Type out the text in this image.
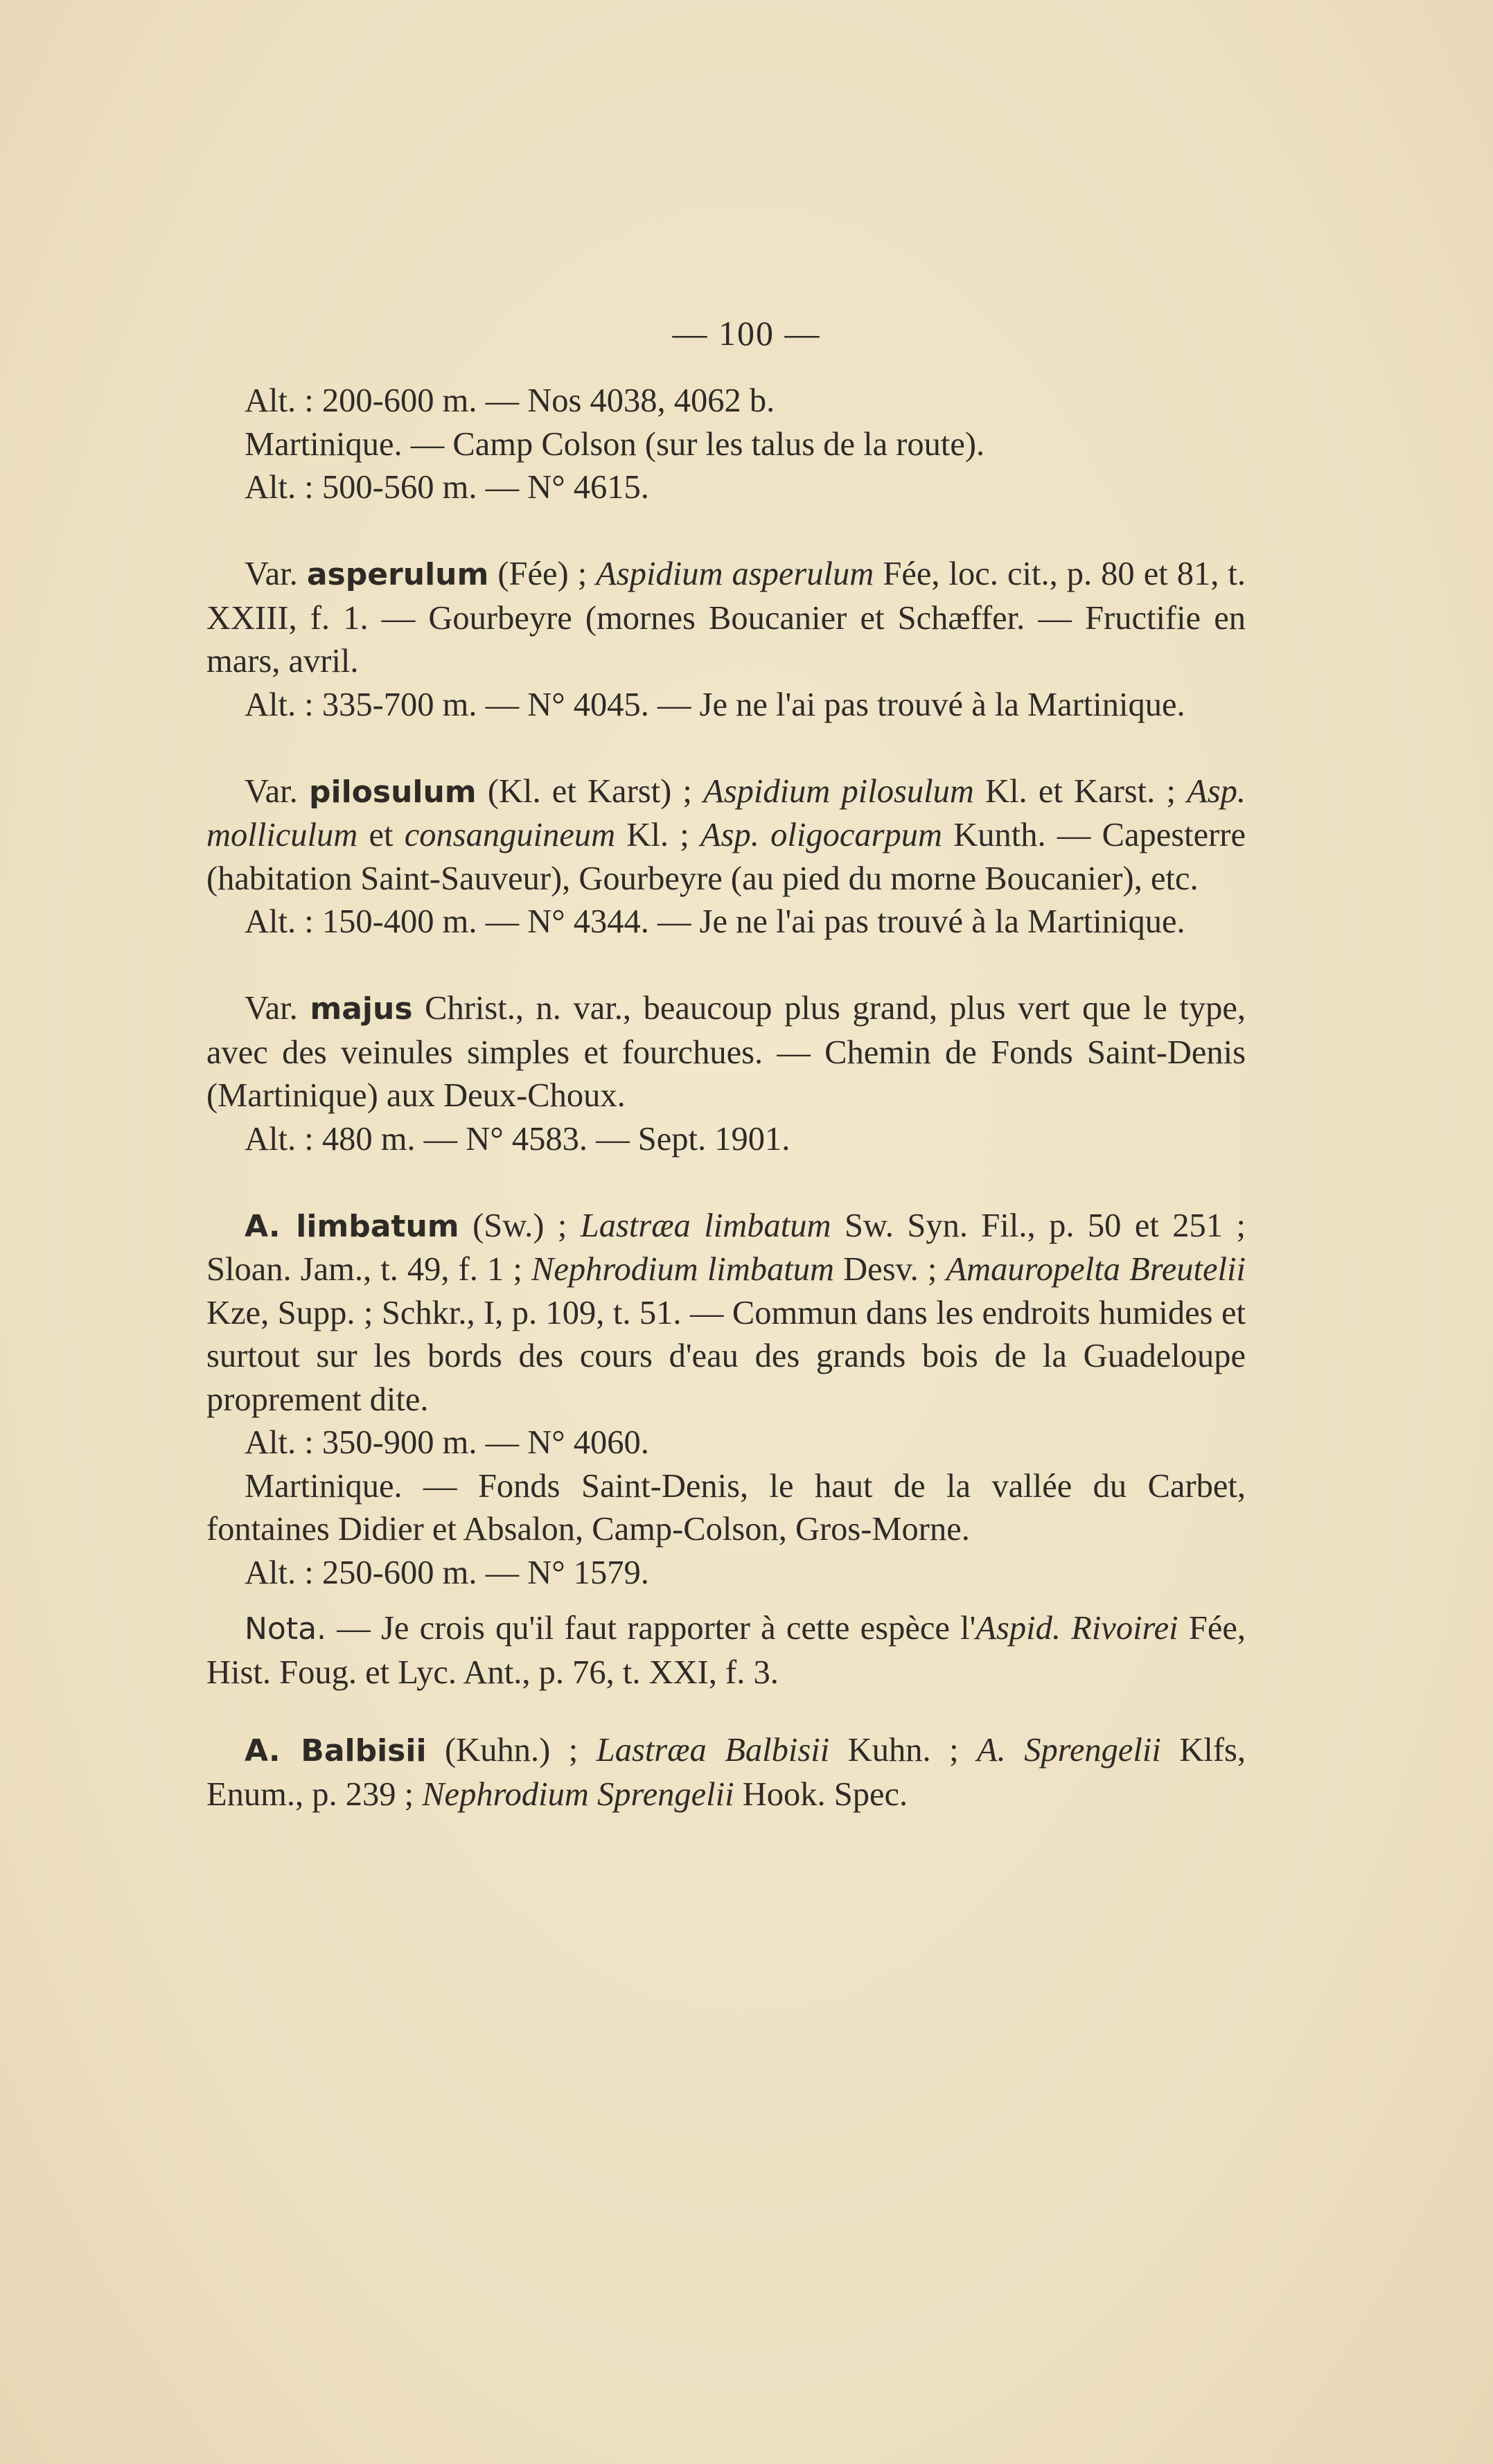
— 100 —
Alt. : 200-600 m. — Nos 4038, 4062 b.
Martinique. — Camp Colson (sur les talus de la route).
Alt. : 500-560 m. — N° 4615.
Var. asperulum (Fée) ; Aspidium asperulum Fée, loc. cit., p. 80 et 81, t. XXIII, f. 1. — Gourbeyre (mornes Boucanier et Schæffer. — Fructifie en mars, avril.
Alt. : 335-700 m. — N° 4045. — Je ne l'ai pas trouvé à la Martinique.
Var. pilosulum (Kl. et Karst) ; Aspidium pilosulum Kl. et Karst. ; Asp. molliculum et consanguineum Kl. ; Asp. oligocarpum Kunth. — Capesterre (habitation Saint-Sauveur), Gourbeyre (au pied du morne Boucanier), etc.
Alt. : 150-400 m. — N° 4344. — Je ne l'ai pas trouvé à la Martinique.
Var. majus Christ., n. var., beaucoup plus grand, plus vert que le type, avec des veinules simples et fourchues. — Chemin de Fonds Saint-Denis (Martinique) aux Deux-Choux.
Alt. : 480 m. — N° 4583. — Sept. 1901.
A. limbatum (Sw.) ; Lastræa limbatum Sw. Syn. Fil., p. 50 et 251 ; Sloan. Jam., t. 49, f. 1 ; Nephrodium limbatum Desv. ; Amauropelta Breutelii Kze, Supp. ; Schkr., I, p. 109, t. 51. — Commun dans les endroits humides et surtout sur les bords des cours d'eau des grands bois de la Guadeloupe proprement dite.
Alt. : 350-900 m. — N° 4060.
Martinique. — Fonds Saint-Denis, le haut de la vallée du Carbet, fontaines Didier et Absalon, Camp-Colson, Gros-Morne.
Alt. : 250-600 m. — N° 1579.
Nota. — Je crois qu'il faut rapporter à cette espèce l'Aspid. Rivoirei Fée, Hist. Foug. et Lyc. Ant., p. 76, t. XXI, f. 3.
A. Balbisii (Kuhn.) ; Lastræa Balbisii Kuhn. ; A. Sprengelii Klfs, Enum., p. 239 ; Nephrodium Sprengelii Hook. Spec.
